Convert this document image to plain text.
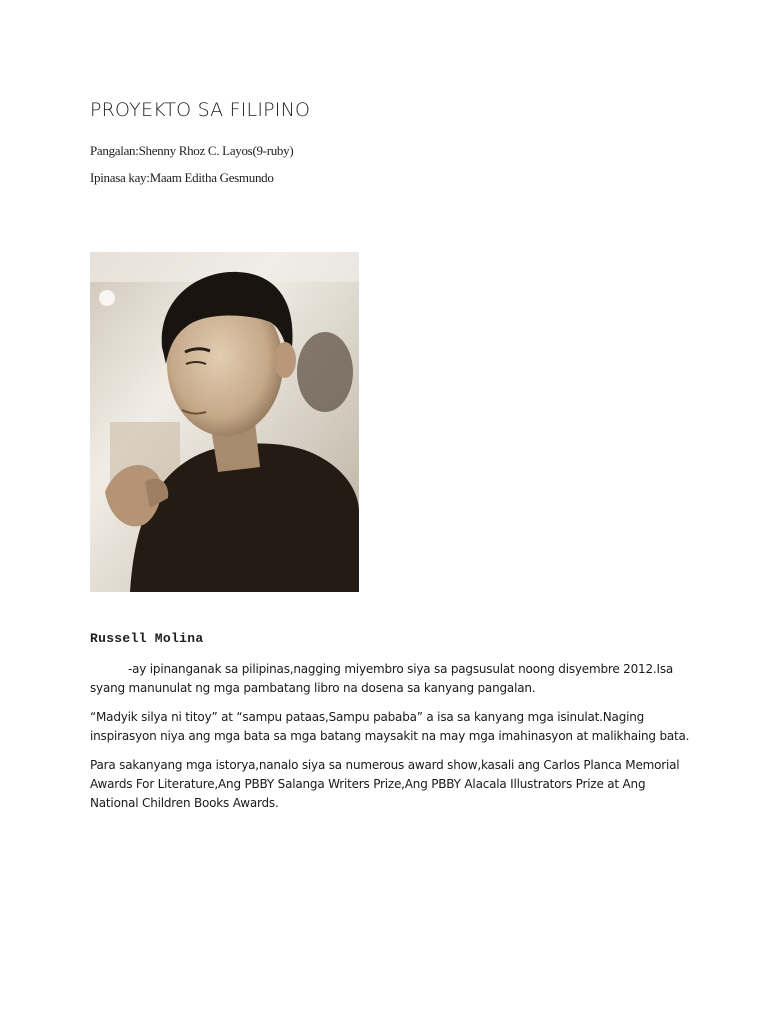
PROYEKTO SA FILIPINO
Pangalan:Shenny Rhoz C. Layos(9-ruby)
Ipinasa kay:Maam Editha Gesmundo
Russell Molina
-ay ipinanganak sa pilipinas,nagging miyembro siya sa pagsusulat noong disyembre 2012.Isa syang manunulat ng mga pambatang libro na dosena sa kanyang pangalan.
“Madyik silya ni titoy” at “sampu pataas,Sampu pababa” a isa sa kanyang mga isinulat.Naging inspirasyon niya ang mga bata sa mga batang maysakit na may mga imahinasyon at malikhaing bata.
Para sakanyang mga istorya,nanalo siya sa numerous award show,kasali ang Carlos Planca Memorial Awards For Literature,Ang PBBY Salanga Writers Prize,Ang PBBY Alacala Illustrators Prize at Ang National Children Books Awards.
